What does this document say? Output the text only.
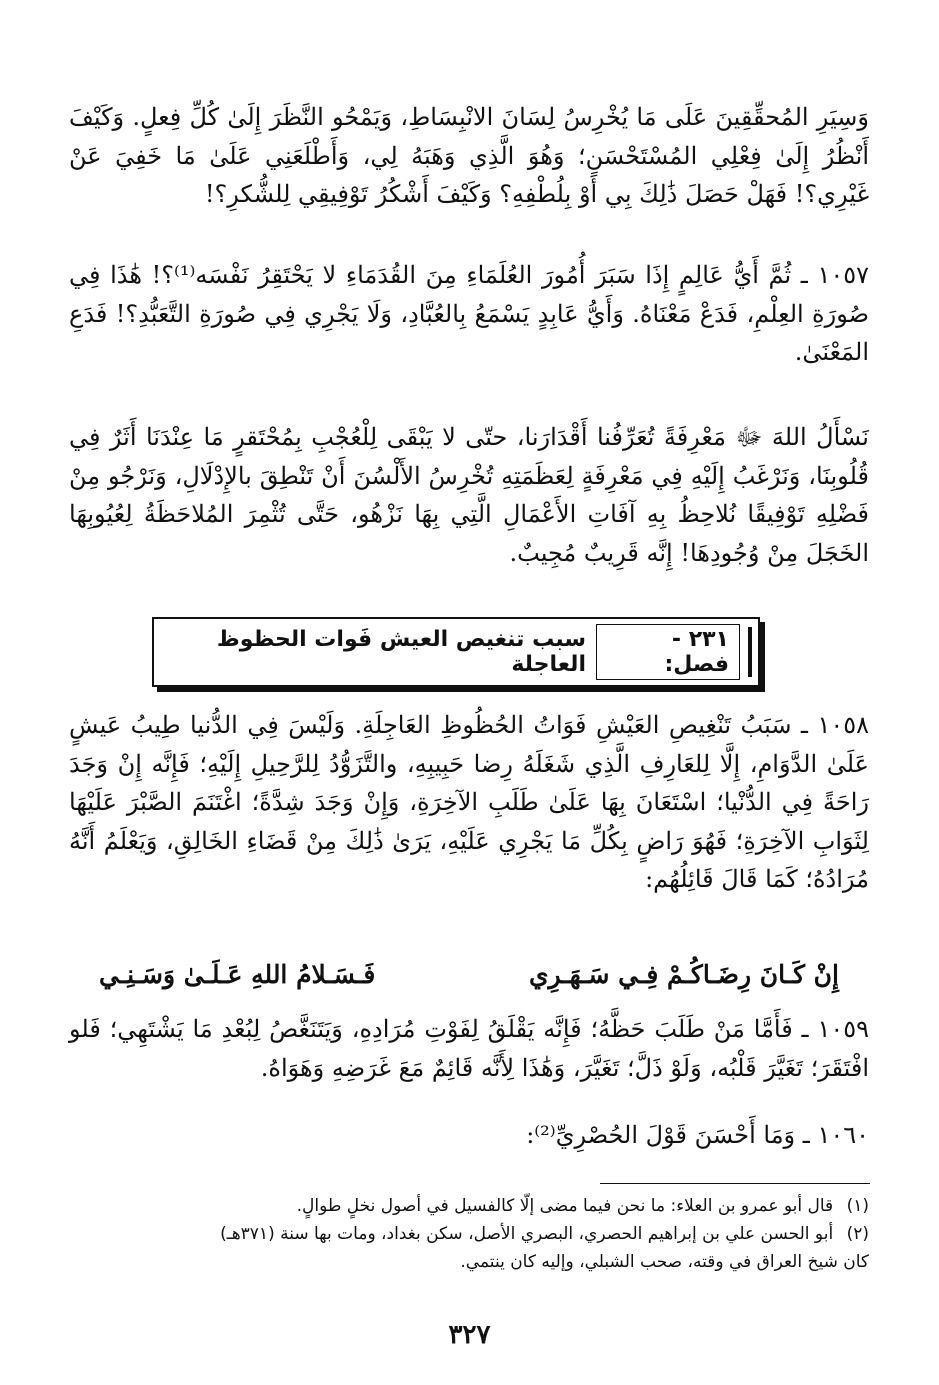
وَسِيَرِ المُحقِّقِينَ عَلَى مَا يُخْرِسُ لِسَانَ الانْبِسَاطِ، وَيَمْحُو النَّظَرَ إِلَىٰ كُلِّ فِعلٍ. وَكَيْفَ أَنْظُرُ إِلَىٰ فِعْلِي المُسْتَحْسَنِ؛ وَهُوَ الَّذِي وَهَبَهُ لِي، وَأَطْلَعَنِي عَلَىٰ مَا خَفِيَ عَنْ غَيْرِي؟! فَهَلْ حَصَلَ ذَٰلِكَ بِي أَوْ بِلُطْفِهِ؟ وَكَيْفَ أَشْكُرُ تَوْفِيقِي لِلشُّكرِ؟!

١٠٥٧ ـ ثُمَّ أَيُّ عَالِمٍ إِذَا سَبَرَ أُمُورَ العُلَمَاءِ مِنَ القُدَمَاءِ لا يَحْتَقِرُ نَفْسَه⁽¹⁾؟! هَٰذَا فِي صُورَةِ العِلْمِ، فَدَعْ مَعْنَاهُ. وَأَيُّ عَابِدٍ يَسْمَعُ بِالعُبَّادِ، وَلَا يَجْرِي فِي صُورَةِ التَّعَبُّدِ؟! فَدَعِ المَعْنَىٰ.

نَسْأَلُ اللهَ ﷻ مَعْرِفَةً تُعَرِّفُنا أَقْدَارَنا، حتّى لا يَبْقَى لِلْعُجْبِ بِمُحْتَقرٍ مَا عِنْدَنَا أَثَرٌ فِي قُلُوبِنَا، وَنَرْغَبُ إِلَيْهِ فِي مَعْرِفَةٍ لِعَظَمَتِهِ تُخْرِسُ الأَلْسُنَ أَنْ تَنْطِقَ بالإِدْلَالِ، وَنَرْجُو مِنْ فَضْلِهِ تَوْفِيقًا نُلاحِظُ بِهِ آفَاتِ الأَعْمَالِ الَّتِي بِهَا نَزْهُو، حَتَّى تُثْمِرَ المُلاحَظَةُ لِعُيُوبِهَا الخَجَلَ مِنْ وُجُودِهَا! إِنَّه قَرِيبٌ مُجِيبٌ.

٢٣١ - فصل:
سبب تنغيص العيش فَوات الحظوظ العاجلة

١٠٥٨ ـ سَبَبُ تَنْغِيصِ العَيْشِ فَوَاتُ الحُظُوظِ العَاجِلَةِ. وَلَيْسَ فِي الدُّنيا طِيبُ عَيشٍ عَلَىٰ الدَّوَامِ، إِلَّا لِلعَارِفِ الَّذِي شَغَلَهُ رِضا حَبِيبِهِ، والتَّزَوُّدُ لِلرَّحِيلِ إِلَيْهِ؛ فَإِنَّه إِنْ وَجَدَ رَاحَةً فِي الدُّنْيا؛ اسْتَعَانَ بِهَا عَلَىٰ طَلَبِ الآخِرَةِ، وَإِنْ وَجَدَ شِدَّةً؛ اغْتَنَمَ الصَّبْرَ عَلَيْهَا لِثَوَابِ الآخِرَةِ؛ فَهُوَ رَاضٍ بِكُلِّ مَا يَجْرِي عَلَيْهِ، يَرَىٰ ذَٰلِكَ مِنْ قَضَاءِ الخَالِقِ، وَيَعْلَمُ أَنَّهُ مُرَادُهُ؛ كَمَا قَالَ قَائِلُهُم:

إِنْ كَـانَ رِضَـاكُـمْ فِـي سَـهَـرِي
فَـسَـلامُ اللهِ عَـلَـىٰ وَسَـنِـي

١٠٥٩ ـ فَأَمَّا مَنْ طَلَبَ حَظَّهُ؛ فَإِنَّه يَقْلَقُ لِفَوْتِ مُرَادِهِ، وَيَتَنَغَّصُ لِبُعْدِ مَا يَشْتَهِي؛ فَلو افْتَقَرَ؛ تَغَيَّرَ قَلْبُه، وَلَوْ ذَلَّ؛ تَغَيَّرَ، وَهَٰذَا لِأَنَّه قَائِمٌ مَعَ غَرَضِهِ وَهَوَاهُ.

١٠٦٠ ـ وَمَا أَحْسَنَ قَوْلَ الحُصْرِيِّ⁽²⁾:

(١) قال أبو عمرو بن العلاء: ما نحن فيما مضى إلّا كالفسيل في أصول نخلٍ طوالٍ.

(٢) أبو الحسن علي بن إبراهيم الحصري، البصري الأصل، سكن بغداد، ومات بها سنة (٣٧١هـ)

كان شيخ العراق في وقته، صحب الشبلي، وإليه كان ينتمي.

٣٢٧
